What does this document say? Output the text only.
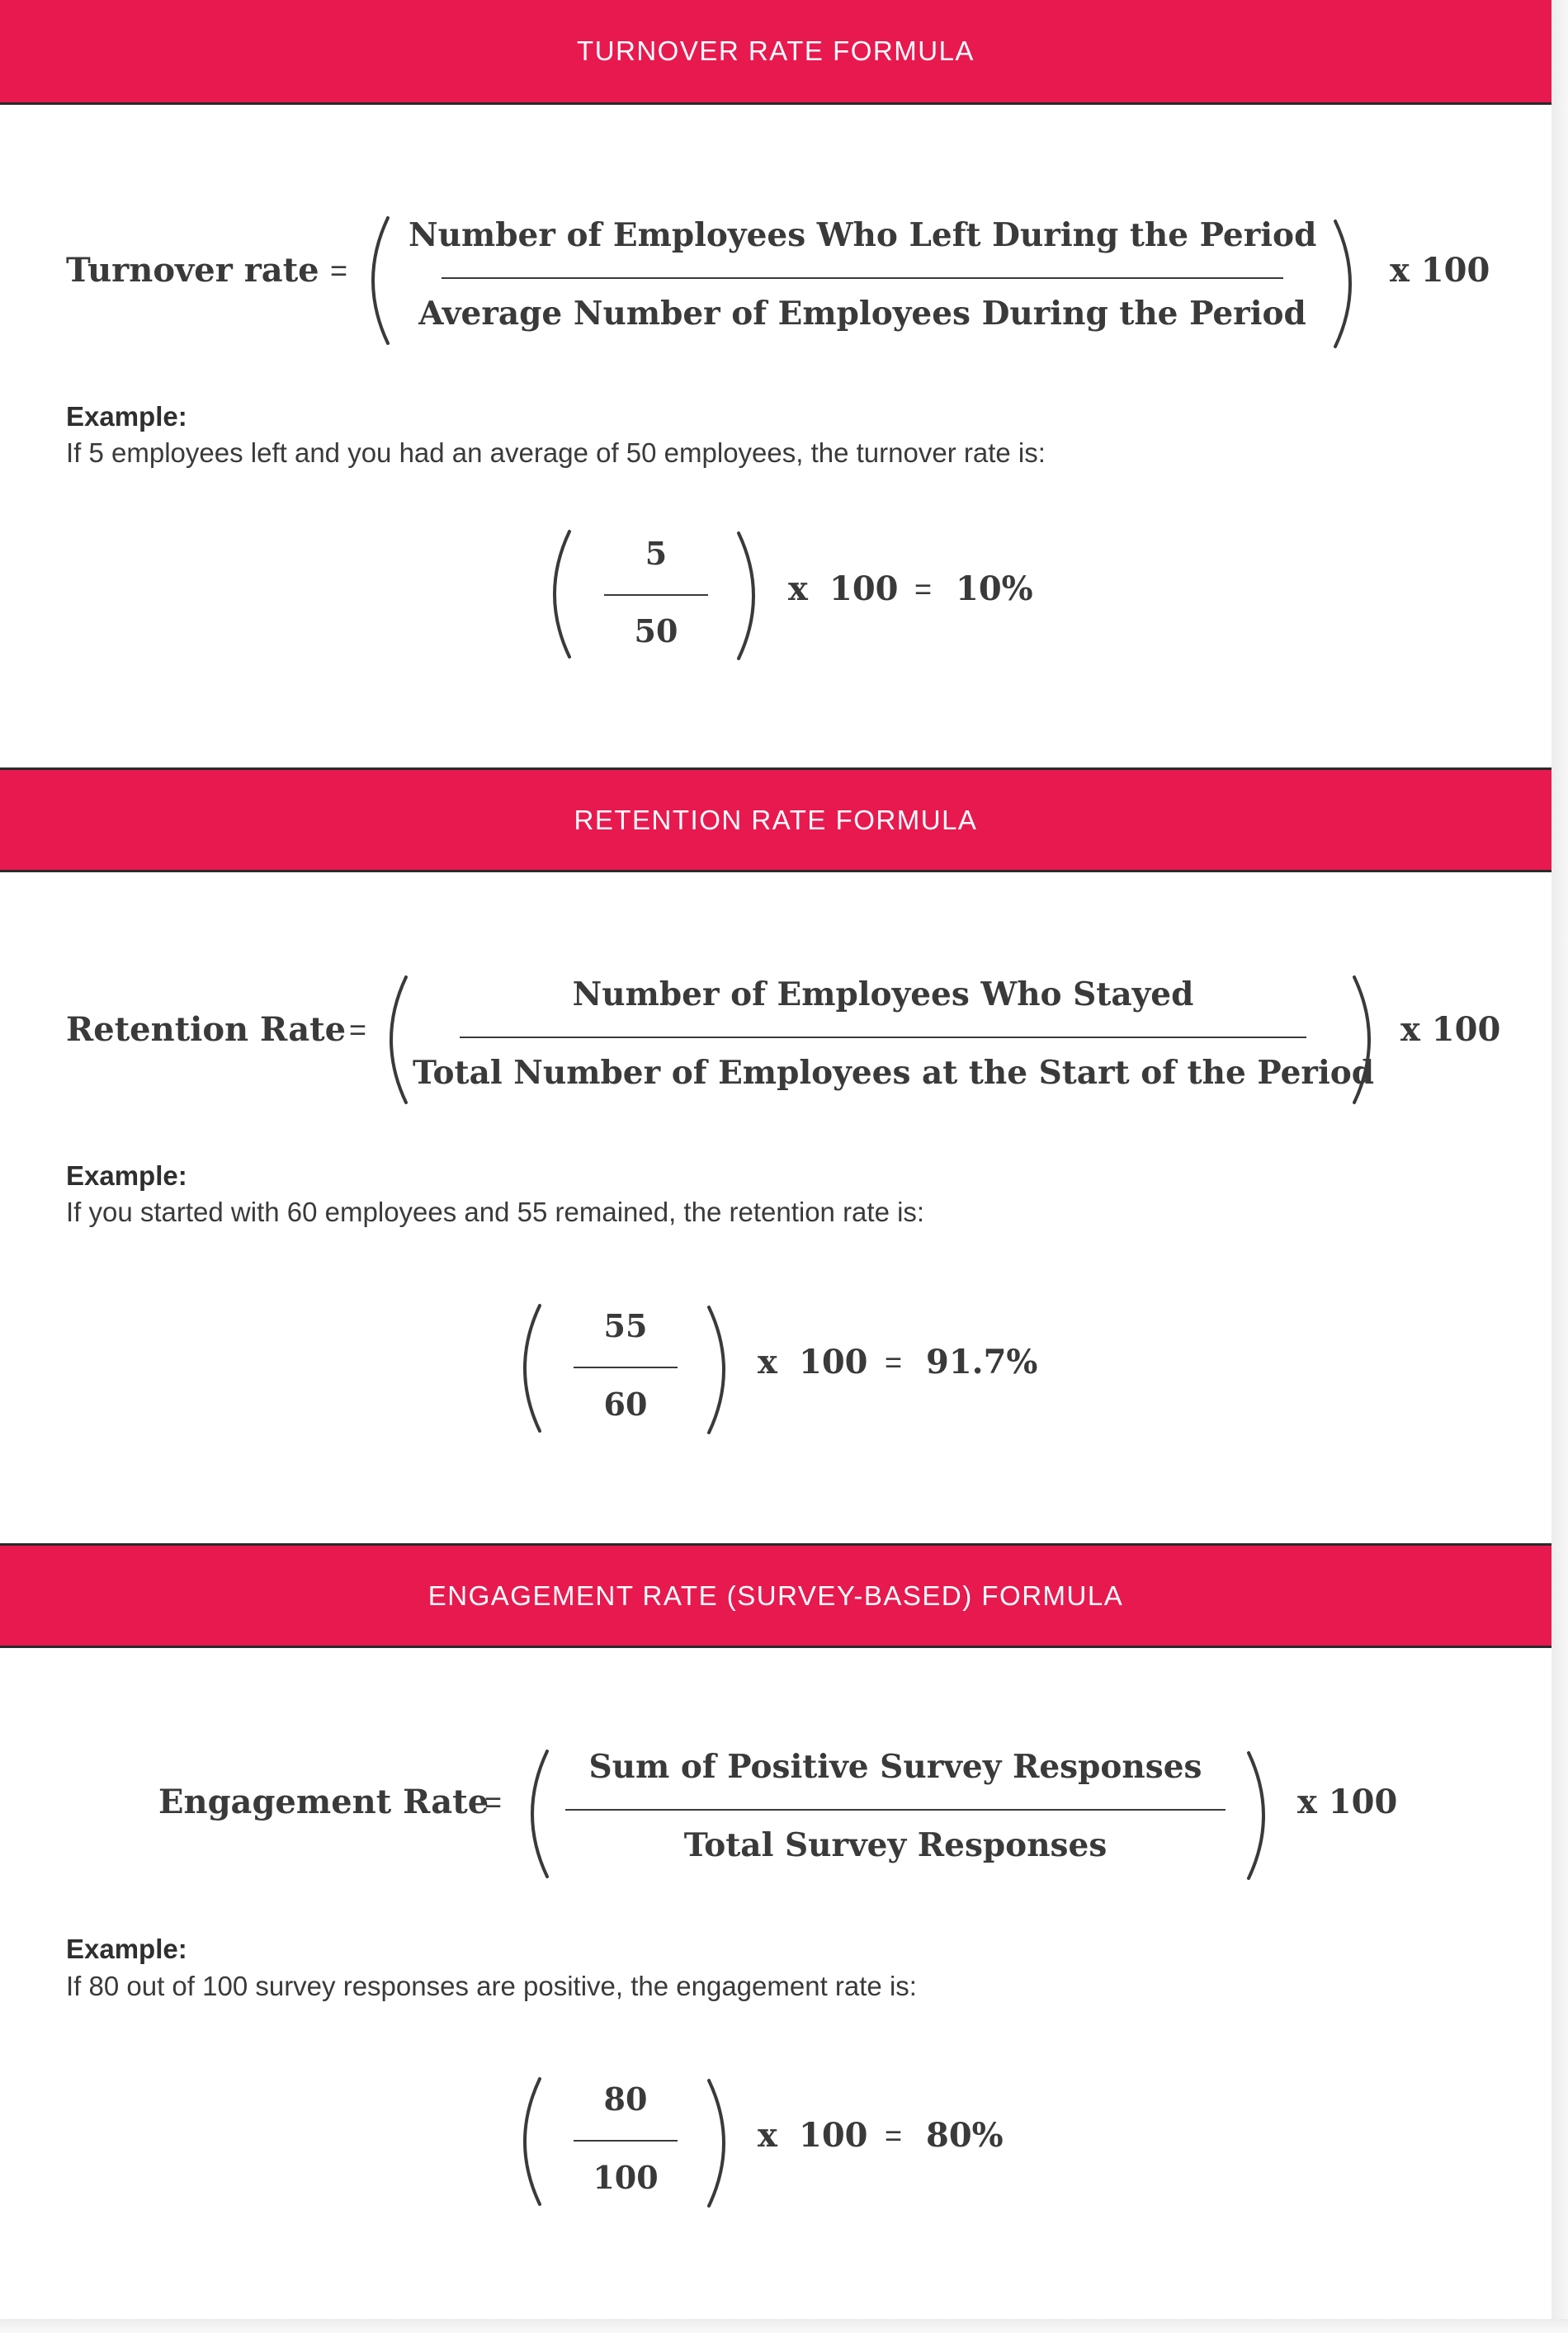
TURNOVER RATE FORMULA
Turnover rate =
Number of Employees Who Left During the Period
Average Number of Employees During the Period
x 100
Example:
If 5 employees left and you had an average of 50 employees, the turnover rate is:
5
50
x 100 = 10%
RETENTION RATE FORMULA
Retention Rate =
Number of Employees Who Stayed
Total Number of Employees at the Start of the Period
x 100
Example:
If you started with 60 employees and 55 remained, the retention rate is:
55
60
x 100 = 91.7%
ENGAGEMENT RATE (SURVEY-BASED) FORMULA
Engagement Rate
=
Sum of Positive Survey Responses
Total Survey Responses
x 100
Example:
If 80 out of 100 survey responses are positive, the engagement rate is:
80
100
x 100 = 80%
